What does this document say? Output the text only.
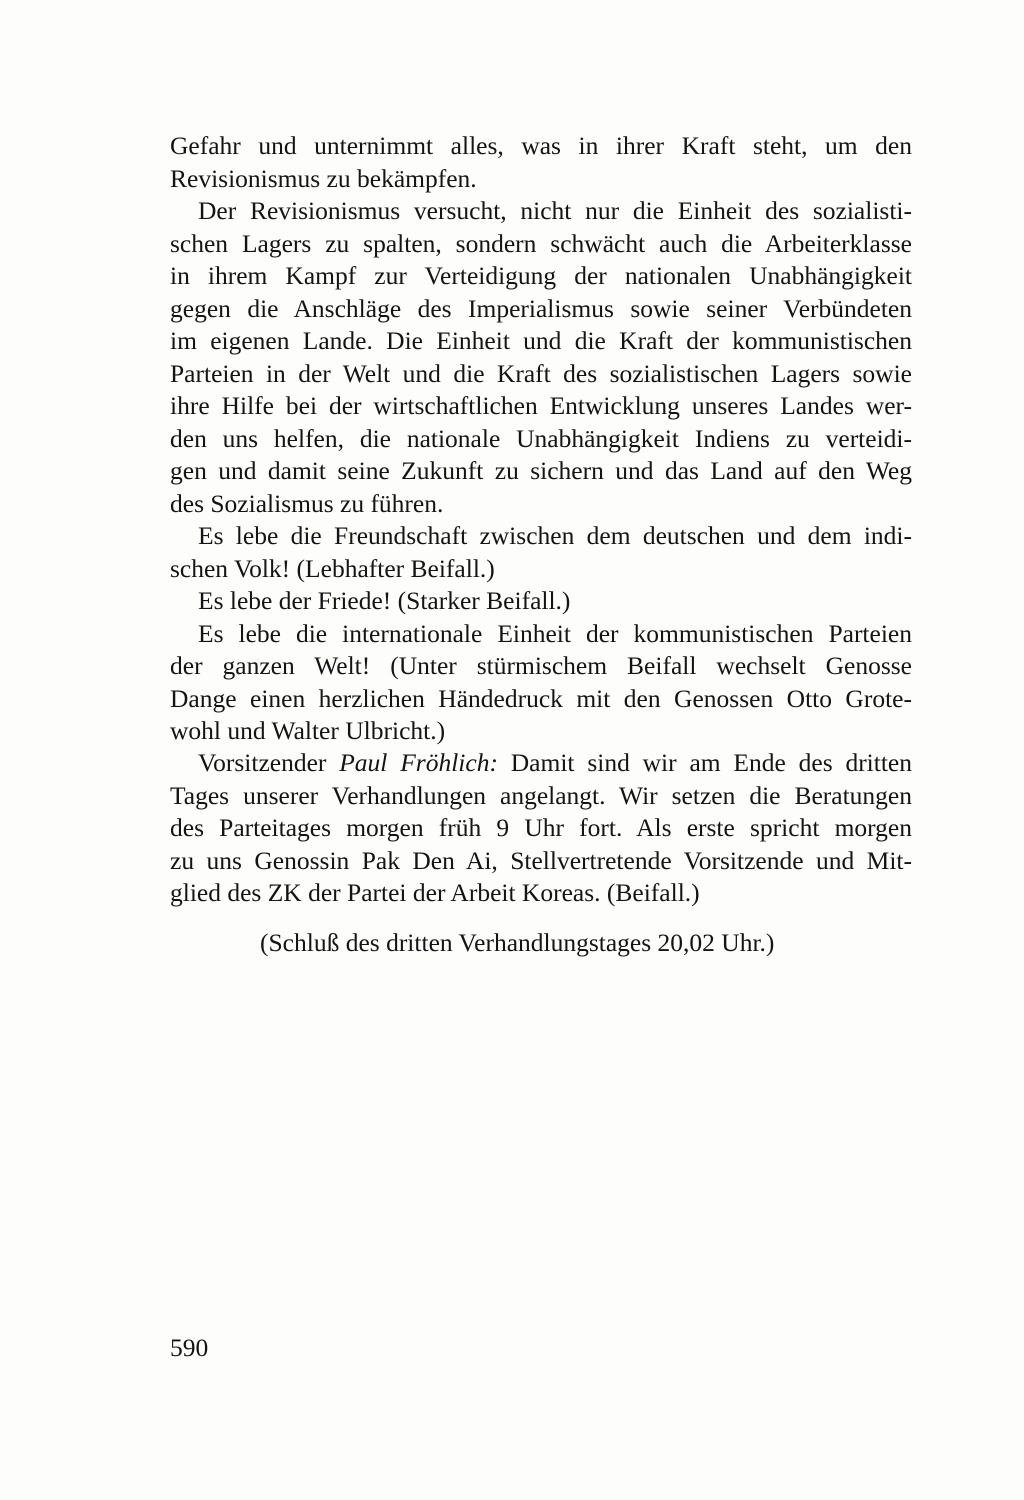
Gefahr und unternimmt alles, was in ihrer Kraft steht, um den
Revisionismus zu bekämpfen.
Der Revisionismus versucht, nicht nur die Einheit des sozialisti-
schen Lagers zu spalten, sondern schwächt auch die Arbeiterklasse
in ihrem Kampf zur Verteidigung der nationalen Unabhängigkeit
gegen die Anschläge des Imperialismus sowie seiner Verbündeten
im eigenen Lande. Die Einheit und die Kraft der kommunistischen
Parteien in der Welt und die Kraft des sozialistischen Lagers sowie
ihre Hilfe bei der wirtschaftlichen Entwicklung unseres Landes wer-
den uns helfen, die nationale Unabhängigkeit Indiens zu verteidi-
gen und damit seine Zukunft zu sichern und das Land auf den Weg
des Sozialismus zu führen.
Es lebe die Freundschaft zwischen dem deutschen und dem indi-
schen Volk! (Lebhafter Beifall.)
Es lebe der Friede! (Starker Beifall.)
Es lebe die internationale Einheit der kommunistischen Parteien
der ganzen Welt! (Unter stürmischem Beifall wechselt Genosse
Dange einen herzlichen Händedruck mit den Genossen Otto Grote-
wohl und Walter Ulbricht.)
Vorsitzender Paul Fröhlich: Damit sind wir am Ende des dritten
Tages unserer Verhandlungen angelangt. Wir setzen die Beratungen
des Parteitages morgen früh 9 Uhr fort. Als erste spricht morgen
zu uns Genossin Pak Den Ai, Stellvertretende Vorsitzende und Mit-
glied des ZK der Partei der Arbeit Koreas. (Beifall.)
(Schluß des dritten Verhandlungstages 20,02 Uhr.)
590
